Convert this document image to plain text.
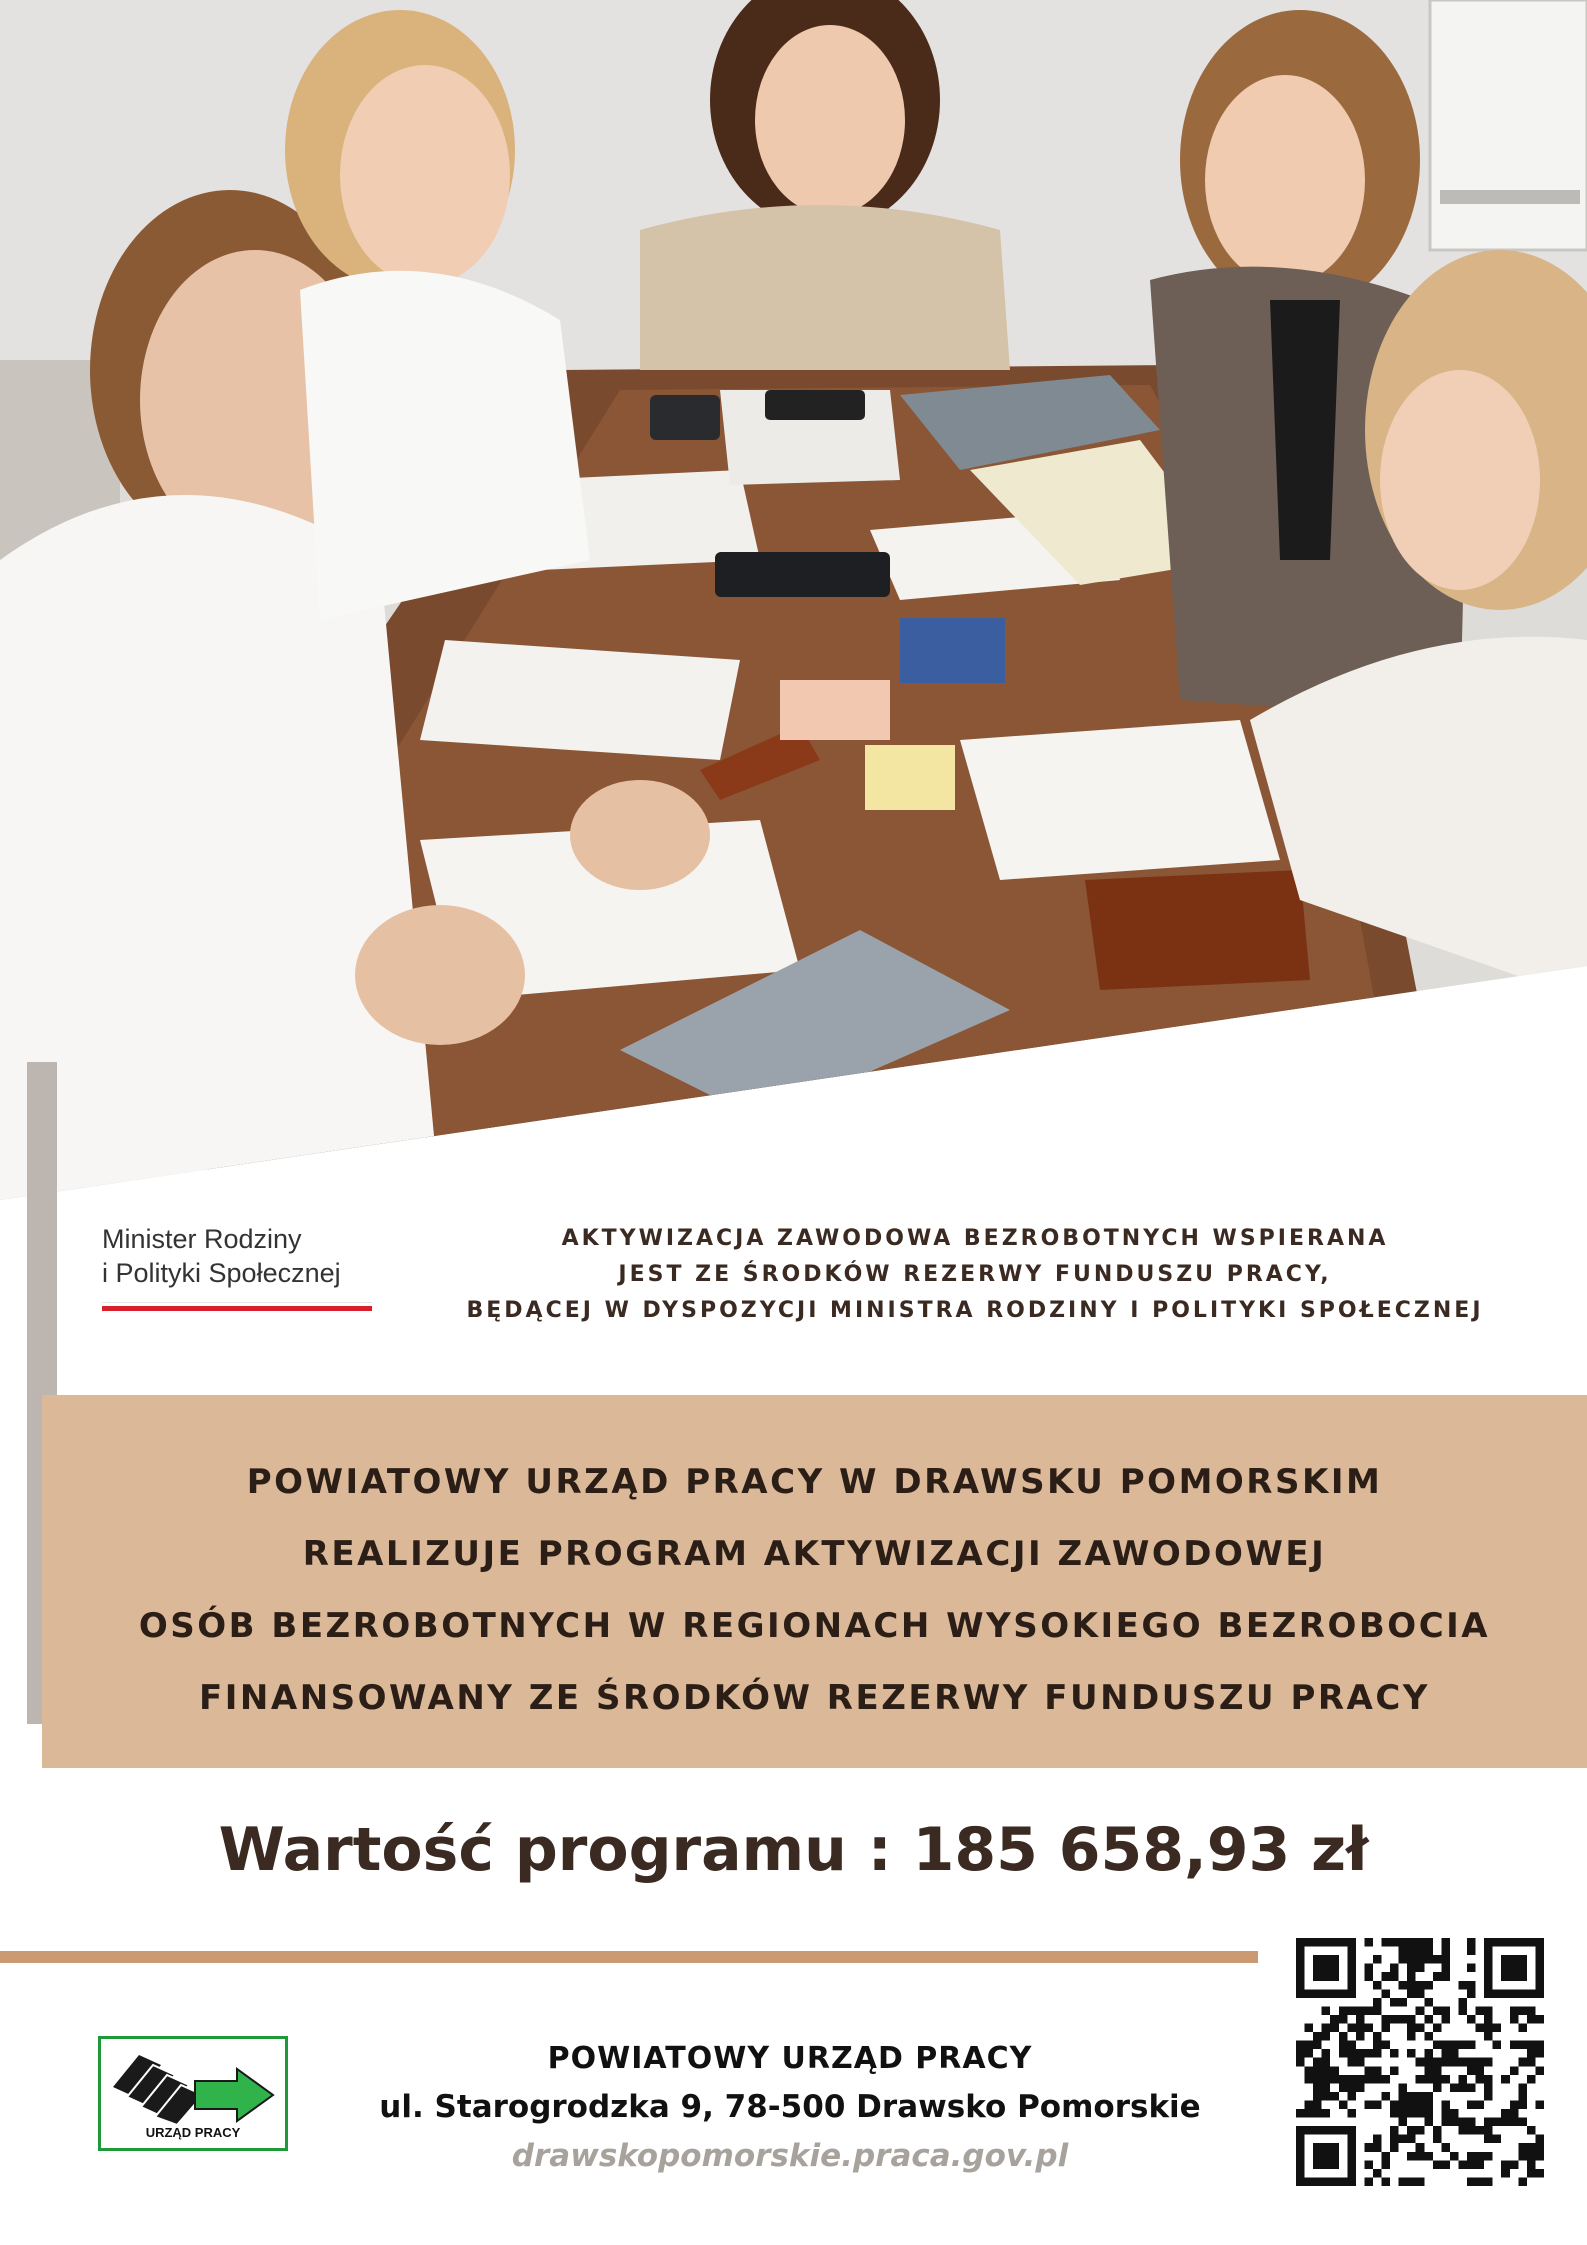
Minister Rodziny
i Polityki Społecznej
AKTYWIZACJA ZAWODOWA BEZROBOTNYCH WSPIERANA
JEST ZE ŚRODKÓW REZERWY FUNDUSZU PRACY,
BĘDĄCEJ W DYSPOZYCJI MINISTRA RODZINY I POLITYKI SPOŁECZNEJ
POWIATOWY URZĄD PRACY W DRAWSKU POMORSKIM
REALIZUJE PROGRAM AKTYWIZACJI ZAWODOWEJ
OSÓB BEZROBOTNYCH W REGIONACH WYSOKIEGO BEZROBOCIA
FINANSOWANY ZE ŚRODKÓW REZERWY FUNDUSZU PRACY
Wartość programu : 185 658,93 zł
URZĄD PRACY
POWIATOWY URZĄD PRACY
ul. Starogrodzka 9, 78-500 Drawsko Pomorskie
drawskopomorskie.praca.gov.pl
